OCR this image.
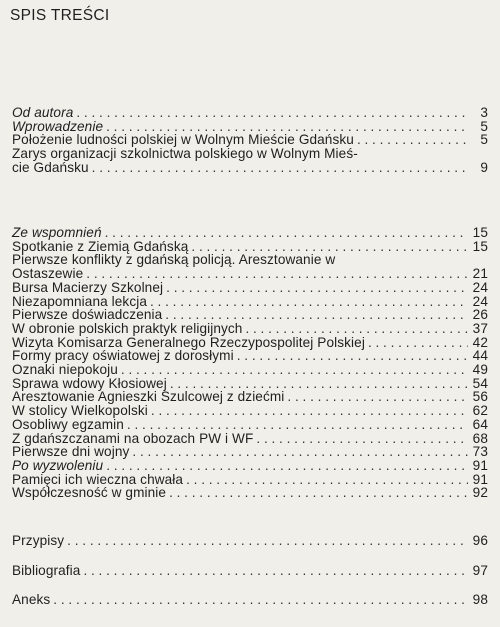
SPIS TREŚCI
Od autora . . .	3
Wprowadzenie . . .	5
Położenie ludności polskiej w Wolnym Mieście Gdańsku . . .	5
Zarys organizacji szkolnictwa polskiego w Wolnym Mieś-
cie Gdańsku . . .	9
Ze wspomnień . . .	15
Spotkanie z Ziemią Gdańską . . .	15
Pierwsze konflikty z gdańską policją. Aresztowanie w
Ostaszewie . . .	21
Bursa Macierzy Szkolnej . . .	24
Niezapomniana lekcja . . .	24
Pierwsze doświadczenia . . .	26
W obronie polskich praktyk religijnych . . .	37
Wizyta Komisarza Generalnego Rzeczypospolitej Polskiej . . .	42
Formy pracy oświatowej z dorosłymi . . .	44
Oznaki niepokoju . . .	49
Sprawa wdowy Kłosiowej . . .	54
Aresztowanie Agnieszki Szulcowej z dziećmi . . .	56
W stolicy Wielkopolski . . .	62
Osobliwy egzamin . . .	64
Z gdańszczanami na obozach PW i WF . . .	68
Pierwsze dni wojny . . .	73
Po wyzwoleniu . . .	91
Pamięci ich wieczna chwała . . .	91
Współczesność w gminie . . .	92
Przypisy . . .	96
Bibliografia . . .	97
Aneks . . .	98
